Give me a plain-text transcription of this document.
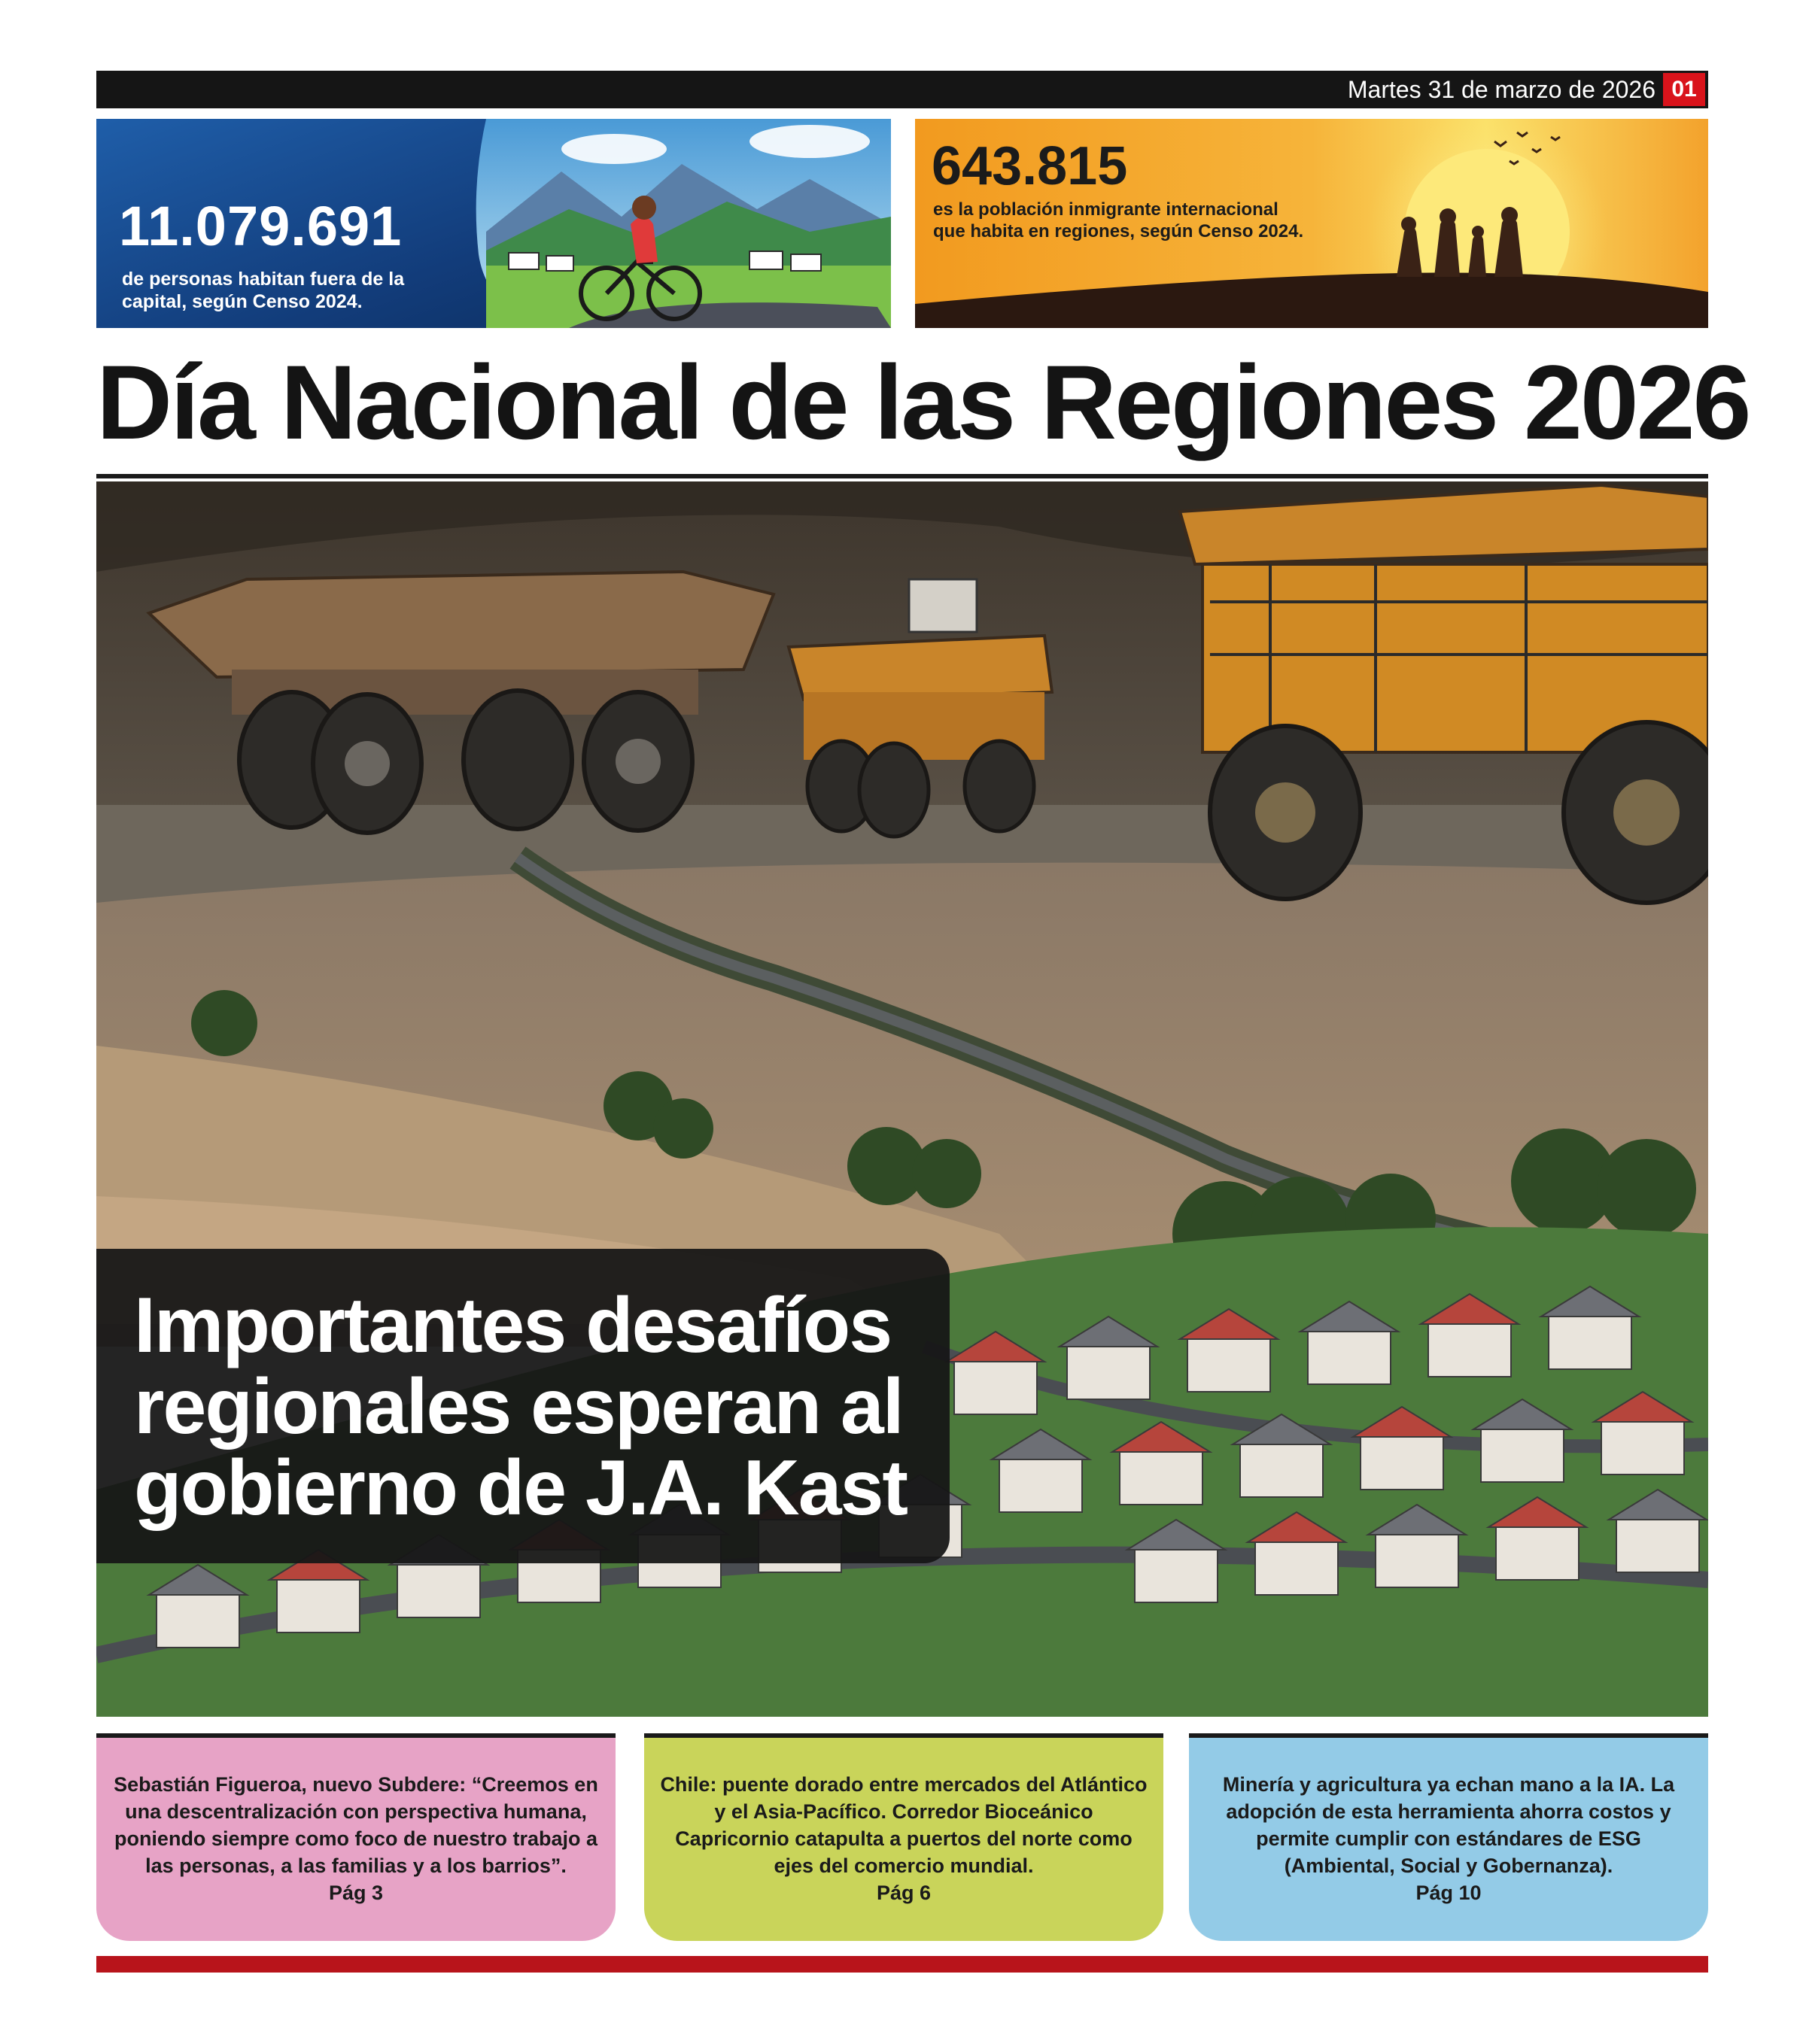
Martes 31 de marzo de 2026 01
11.079.691
de personas habitan fuera de la capital, según Censo 2024.
643.815
es la población inmigrante internacional que habita en regiones, según Censo 2024.
Día Nacional de las Regiones 2026
Importantes desafíos regionales esperan al gobierno de J.A. Kast
Sebastián Figueroa, nuevo Subdere: “Creemos en una descentralización con perspectiva humana, poniendo siempre como foco de nuestro trabajo a las personas, a las familias y a los barrios”.
Pág 3
Chile: puente dorado entre mercados del Atlántico y el Asia-Pacífico. Corredor Bioceánico Capricornio catapulta a puertos del norte como ejes del comercio mundial.
Pág 6
Minería y agricultura ya echan mano a la IA. La adopción de esta herramienta ahorra costos y permite cumplir con estándares de ESG (Ambiental, Social y Gobernanza).
Pág 10
